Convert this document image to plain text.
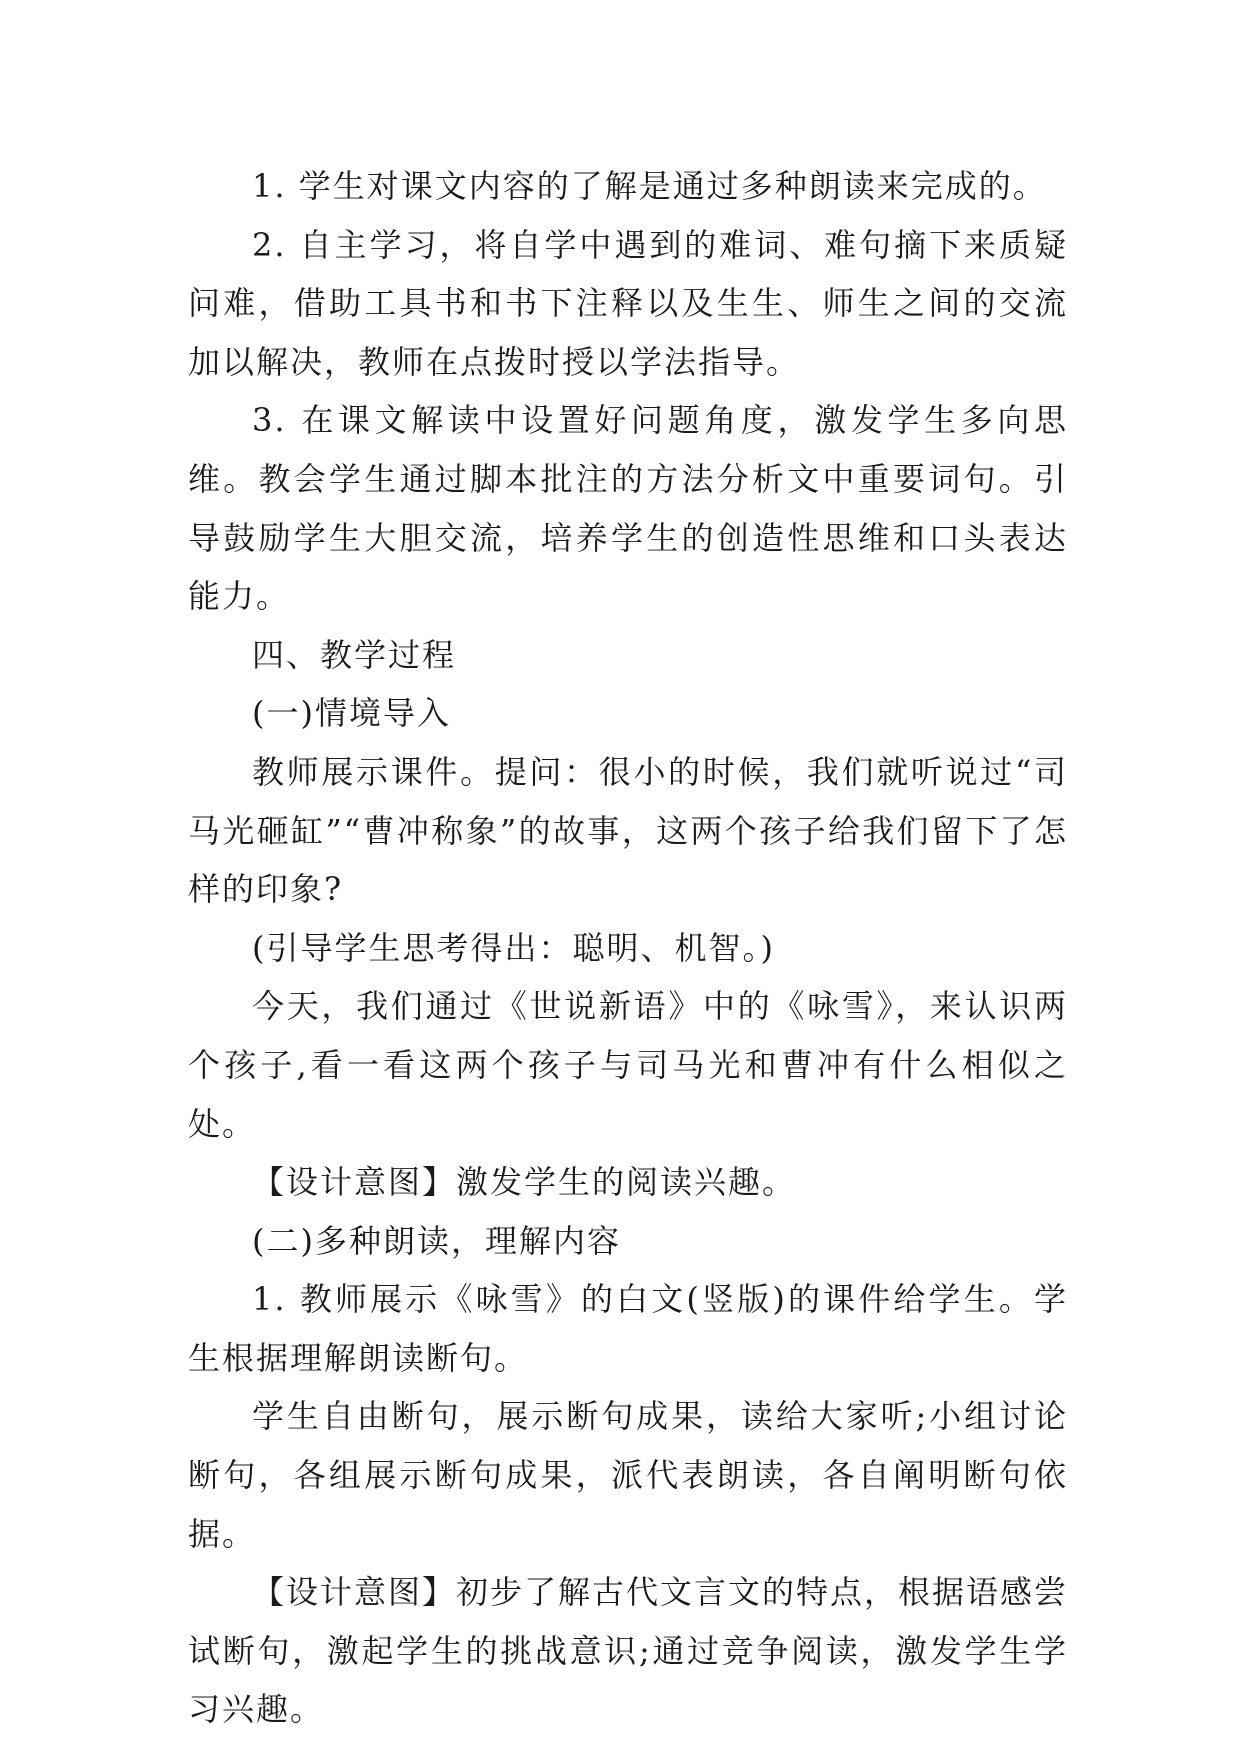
1. 学生对课文内容的了解是通过多种朗读来完成的。

2. 自主学习，将自学中遇到的难词、难句摘下来质疑问难，借助工具书和书下注释以及生生、师生之间的交流加以解决，教师在点拨时授以学法指导。

3. 在课文解读中设置好问题角度，激发学生多向思维。教会学生通过脚本批注的方法分析文中重要词句。引导鼓励学生大胆交流，培养学生的创造性思维和口头表达能力。

四、教学过程

(一)情境导入

教师展示课件。提问：很小的时候，我们就听说过“司马光砸缸”“曹冲称象”的故事，这两个孩子给我们留下了怎样的印象?

(引导学生思考得出：聪明、机智。)

今天，我们通过《世说新语》中的《咏雪》，来认识两个孩子,看一看这两个孩子与司马光和曹冲有什么相似之处。

【设计意图】激发学生的阅读兴趣。

(二)多种朗读，理解内容

1. 教师展示《咏雪》的白文(竖版)的课件给学生。学生根据理解朗读断句。

学生自由断句，展示断句成果，读给大家听;小组讨论断句，各组展示断句成果，派代表朗读，各自阐明断句依据。

【设计意图】初步了解古代文言文的特点，根据语感尝试断句，激起学生的挑战意识;通过竞争阅读，激发学生学习兴趣。
